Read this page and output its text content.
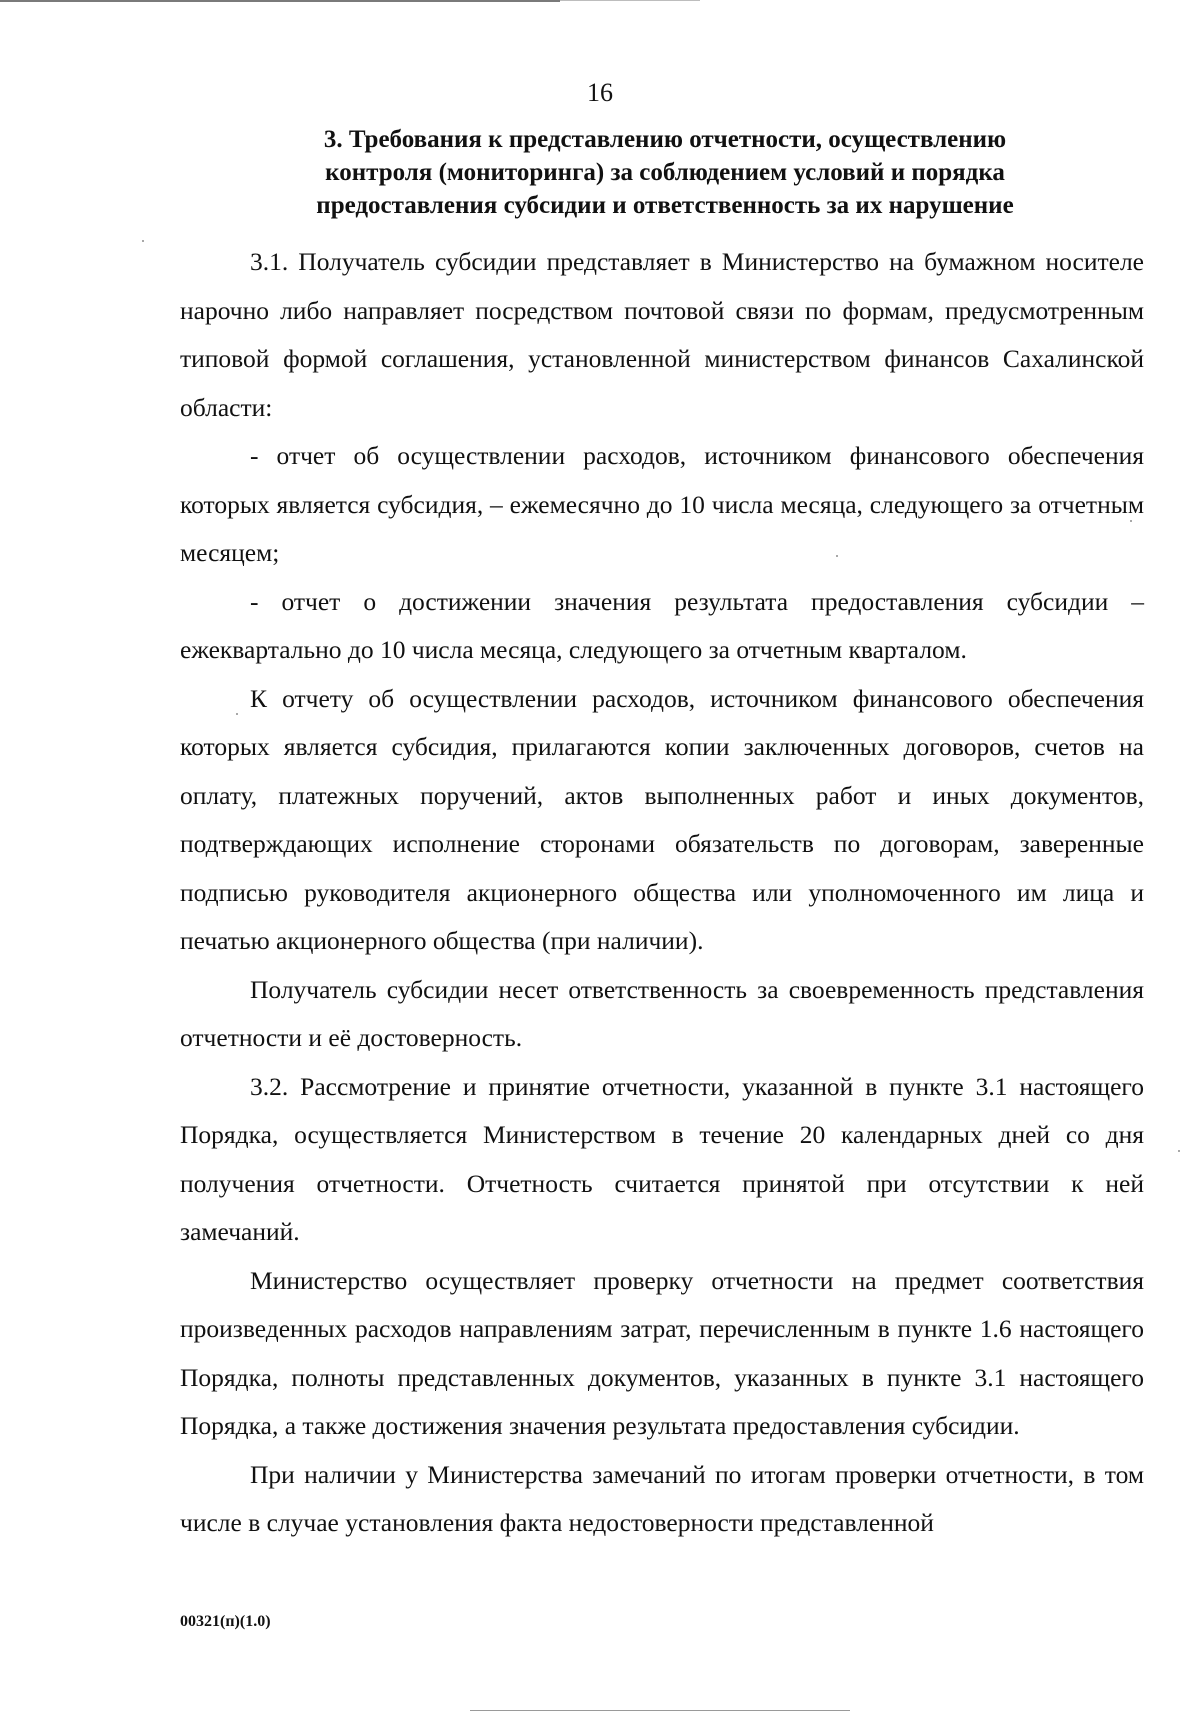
16
3. Требования к представлению отчетности, осуществлению
контроля (мониторинга) за соблюдением условий и порядка
предоставления субсидии и ответственность за их нарушение

3.1. Получатель субсидии представляет в Министерство на бумажном носителе нарочно либо направляет посредством почтовой связи по формам, предусмотренным типовой формой соглашения, установленной министерством финансов Сахалинской области:

- отчет об осуществлении расходов, источником финансового обеспечения которых является субсидия, – ежемесячно до 10 числа месяца, следующего за отчетным месяцем;

- отчет о достижении значения результата предоставления субсидии – ежеквартально до 10 числа месяца, следующего за отчетным кварталом.

К отчету об осуществлении расходов, источником финансового обеспечения которых является субсидия, прилагаются копии заключенных договоров, счетов на оплату, платежных поручений, актов выполненных работ и иных документов, подтверждающих исполнение сторонами обязательств по договорам, заверенные подписью руководителя акционерного общества или уполномоченного им лица и печатью акционерного общества (при наличии).

Получатель субсидии несет ответственность за своевременность представления отчетности и её достоверность.

3.2. Рассмотрение и принятие отчетности, указанной в пункте 3.1 настоящего Порядка, осуществляется Министерством в течение 20 календарных дней со дня получения отчетности. Отчетность считается принятой при отсутствии к ней замечаний.

Министерство осуществляет проверку отчетности на предмет соответствия произведенных расходов направлениям затрат, перечисленным в пункте 1.6 настоящего Порядка, полноты представленных документов, указанных в пункте 3.1 настоящего Порядка, а также достижения значения результата предоставления субсидии.

При наличии у Министерства замечаний по итогам проверки отчетности, в том числе в случае установления факта недостоверности представленной

00321(п)(1.0)
